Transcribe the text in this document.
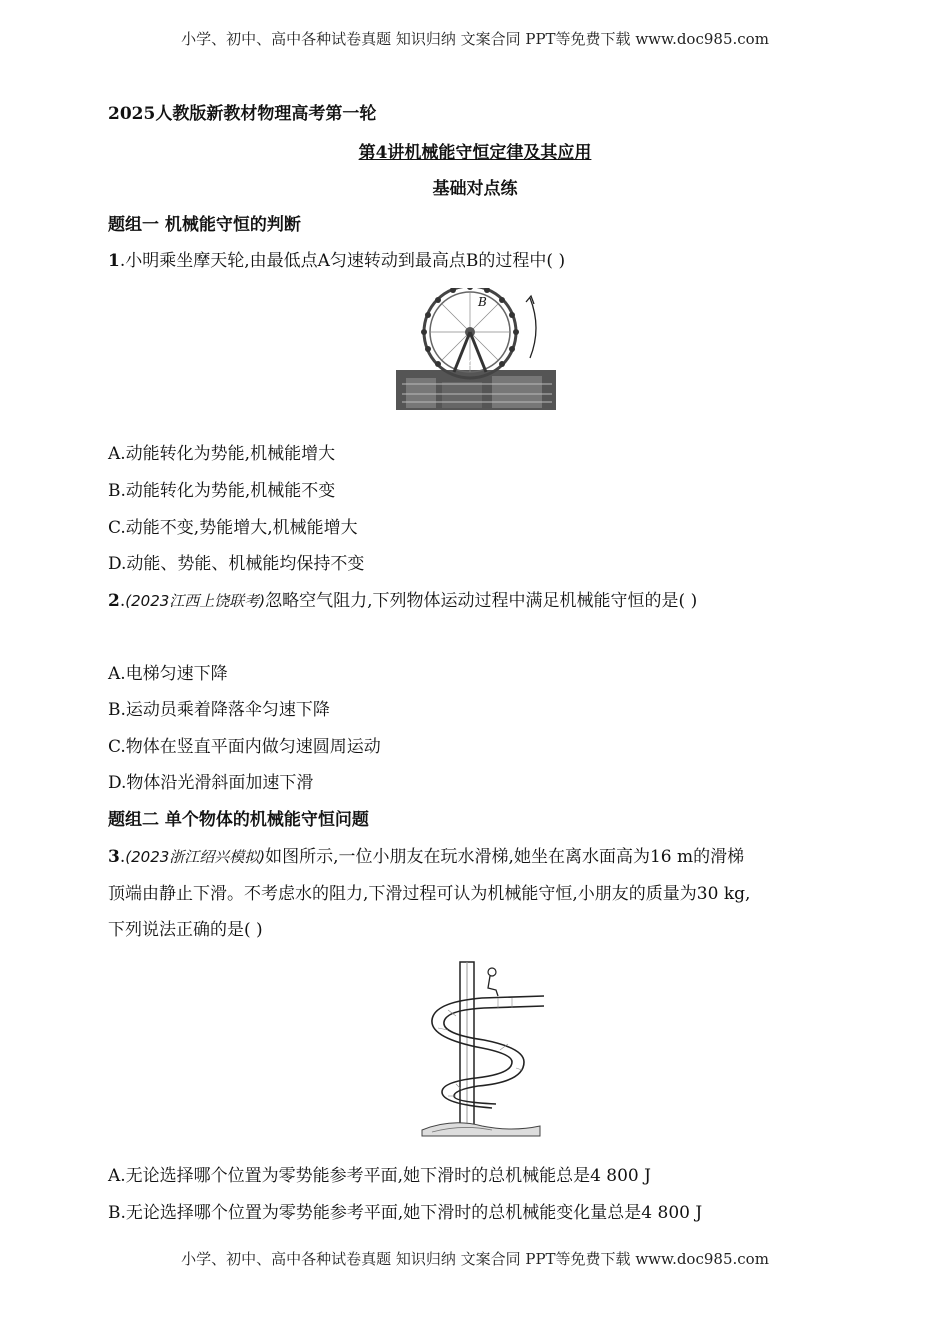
小学、初中、高中各种试卷真题 知识归纳 文案合同 PPT等免费下载 www.doc985.com
2025人教版新教材物理高考第一轮
第4讲机械能守恒定律及其应用
基础对点练
题组一 机械能守恒的判断
1.小明乘坐摩天轮,由最低点A匀速转动到最高点B的过程中( )
B
A
A.动能转化为势能,机械能增大
B.动能转化为势能,机械能不变
C.动能不变,势能增大,机械能增大
D.动能、势能、机械能均保持不变
2.(2023江西上饶联考)忽略空气阻力,下列物体运动过程中满足机械能守恒的是( )
A.电梯匀速下降
B.运动员乘着降落伞匀速下降
C.物体在竖直平面内做匀速圆周运动
D.物体沿光滑斜面加速下滑
题组二 单个物体的机械能守恒问题
3.(2023浙江绍兴模拟)如图所示,一位小朋友在玩水滑梯,她坐在离水面高为16 m的滑梯
顶端由静止下滑。不考虑水的阻力,下滑过程可认为机械能守恒,小朋友的质量为30 kg,
下列说法正确的是( )
A.无论选择哪个位置为零势能参考平面,她下滑时的总机械能总是4 800 J
B.无论选择哪个位置为零势能参考平面,她下滑时的总机械能变化量总是4 800 J
小学、初中、高中各种试卷真题 知识归纳 文案合同 PPT等免费下载 www.doc985.com
